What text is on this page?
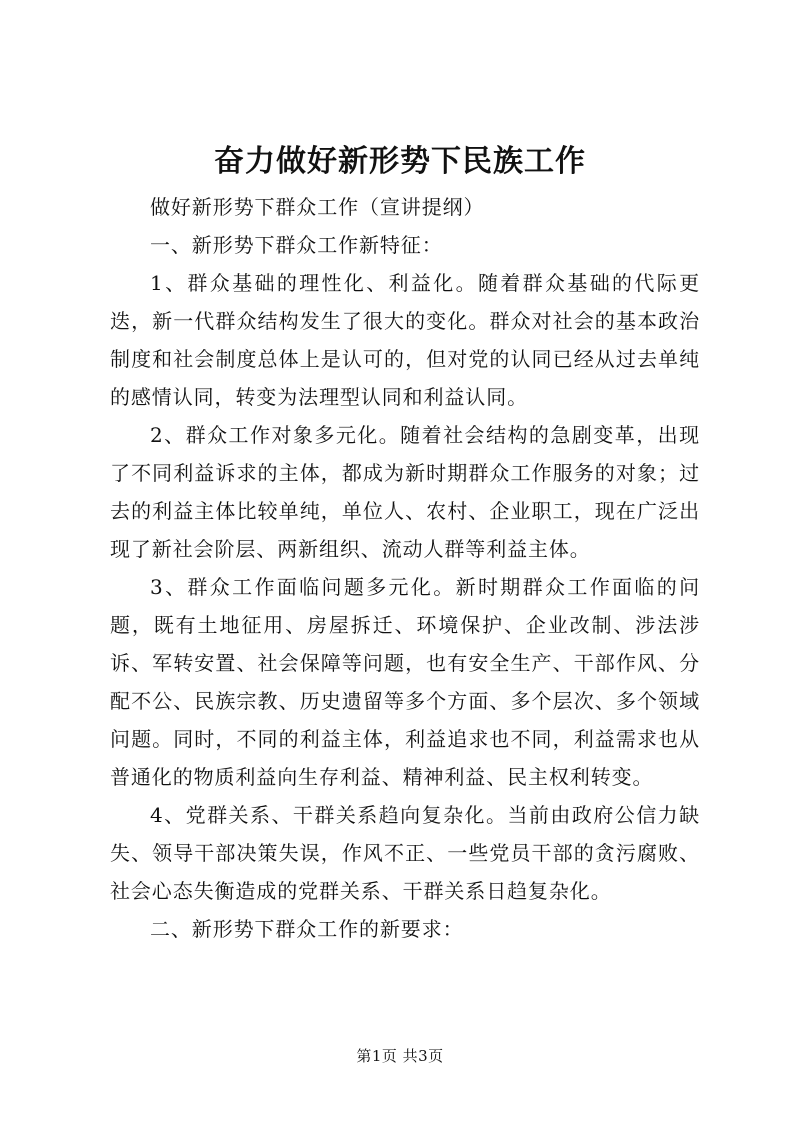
奋力做好新形势下民族工作

做好新形势下群众工作（宣讲提纲）

一、新形势下群众工作新特征：

1、群众基础的理性化、利益化。随着群众基础的代际更迭，新一代群众结构发生了很大的变化。群众对社会的基本政治制度和社会制度总体上是认可的，但对党的认同已经从过去单纯的感情认同，转变为法理型认同和利益认同。

2、群众工作对象多元化。随着社会结构的急剧变革，出现了不同利益诉求的主体，都成为新时期群众工作服务的对象；过去的利益主体比较单纯，单位人、农村、企业职工，现在广泛出现了新社会阶层、两新组织、流动人群等利益主体。

3、群众工作面临问题多元化。新时期群众工作面临的问题，既有土地征用、房屋拆迁、环境保护、企业改制、涉法涉诉、军转安置、社会保障等问题，也有安全生产、干部作风、分配不公、民族宗教、历史遗留等多个方面、多个层次、多个领域问题。同时，不同的利益主体，利益追求也不同，利益需求也从普通化的物质利益向生存利益、精神利益、民主权利转变。

4、党群关系、干群关系趋向复杂化。当前由政府公信力缺失、领导干部决策失误，作风不正、一些党员干部的贪污腐败、社会心态失衡造成的党群关系、干群关系日趋复杂化。

二、新形势下群众工作的新要求：

第1页 共3页
